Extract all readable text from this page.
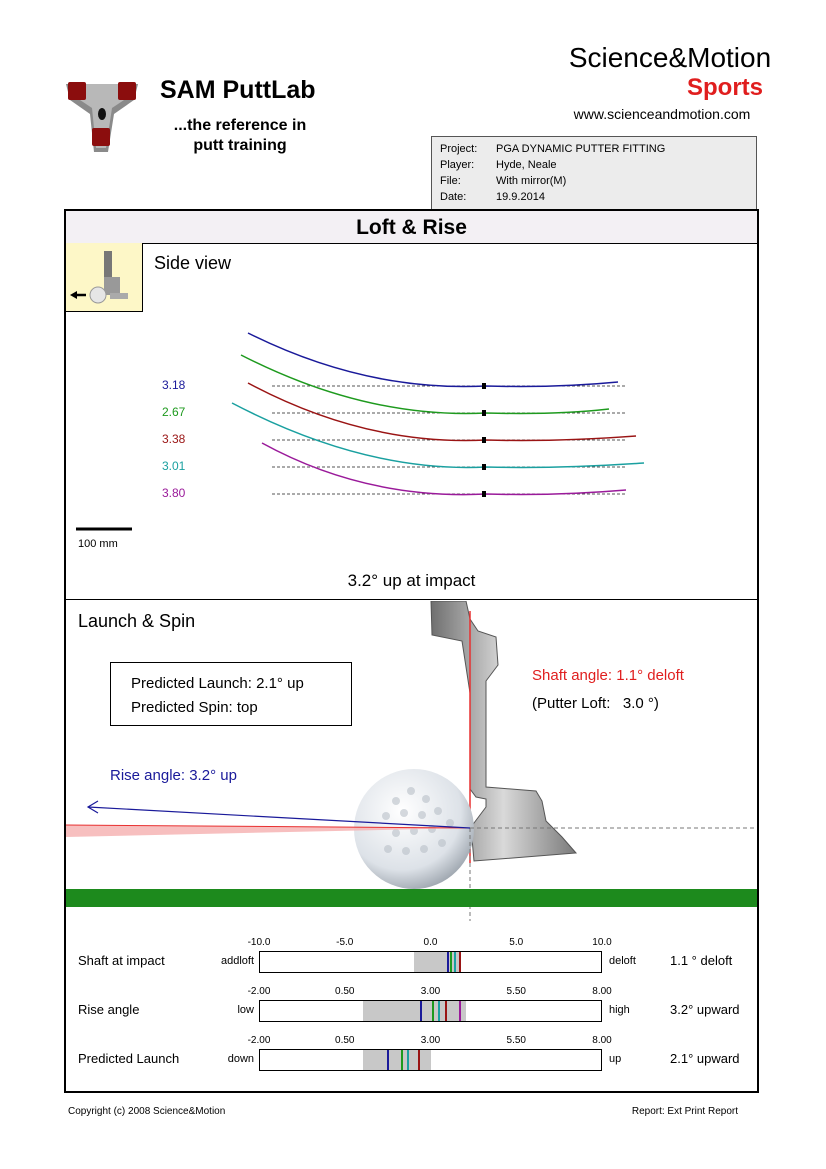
SAM PuttLab
...the reference in
putt training
Science&Motion
Sports
www.scienceandmotion.com
Project: PGA DYNAMIC PUTTER FITTING
Player: Hyde, Neale
File:	With mirror(M)
Date:	19.9.2014
Loft & Rise
Side view
100 mm
3.2° up at impact
Launch & Spin
Predicted Launch: 2.1° up
Predicted Spin: top
Shaft angle: 1.1° deloft
(Putter Loft:   3.0 °)
Rise angle: 3.2° up
Shaft at impact	addloft	deloft	1.1 ° deloft
-10.0	-5.0	0.0	5.0	10.0
Rise angle	low	high	3.2° upward
-2.00	0.50	3.00	5.50	8.00
Predicted Launch	down	up	2.1° upward
-2.00	0.50	3.00	5.50	8.00
3.18
2.67
3.38
3.01
3.80
Copyright (c) 2008 Science&Motion	Report: Ext Print Report
